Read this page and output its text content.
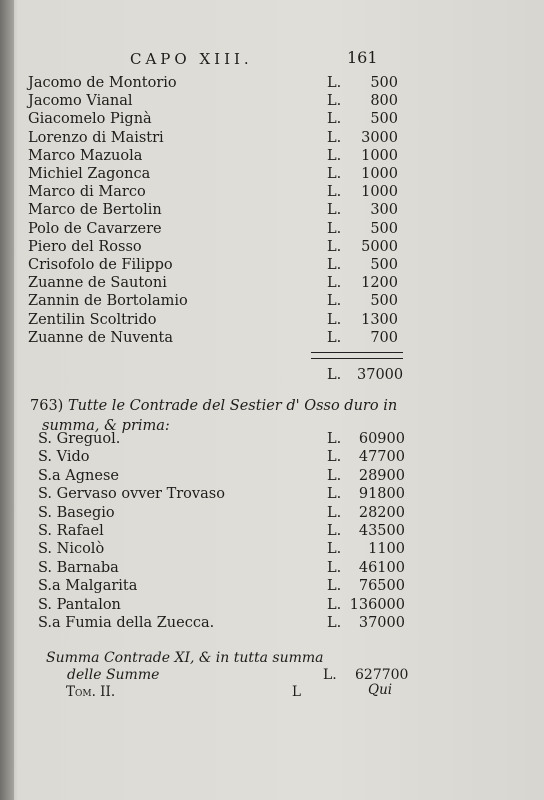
CAPO XIII.	161
Jacomo de Montorio	L. 500
Jacomo Vianal	L. 800
Giacomelo Pignà	L. 500
Lorenzo di Maistri	L. 3000
Marco Mazuola	L. 1000
Michiel Zagonca	L. 1000
Marco di Marco	L. 1000
Marco de Bertolin	L. 300
Polo de Cavarzere	L. 500
Piero del Rosso	L. 5000
Crisofolo de Filippo	L. 500
Zuanne de Sautoni	L. 1200
Zannin de Bortolamio	L. 500
Zentilin Scoltrido	L. 1300
Zuanne de Nuventa	L. 700
L. 37000
763) Tutte le Contrade del Sestier d' Osso duro in
summa, & prima:
S. Greguol.	L. 60900
S. Vido	L. 47700
S.a Agnese	L. 28900
S. Gervaso ovver Trovaso	L. 91800
S. Basegio	L. 28200
S. Rafael	L. 43500
S. Nicolò	L. 1100
S. Barnaba	L. 46100
S.a Malgarita	L. 76500
S. Pantalon	L. 136000
S.a Fumia della Zuecca.	L. 37000
Summa Contrade XI, & in tutta summa
delle Summe	L. 627700
Tom. II.	L	Qui
